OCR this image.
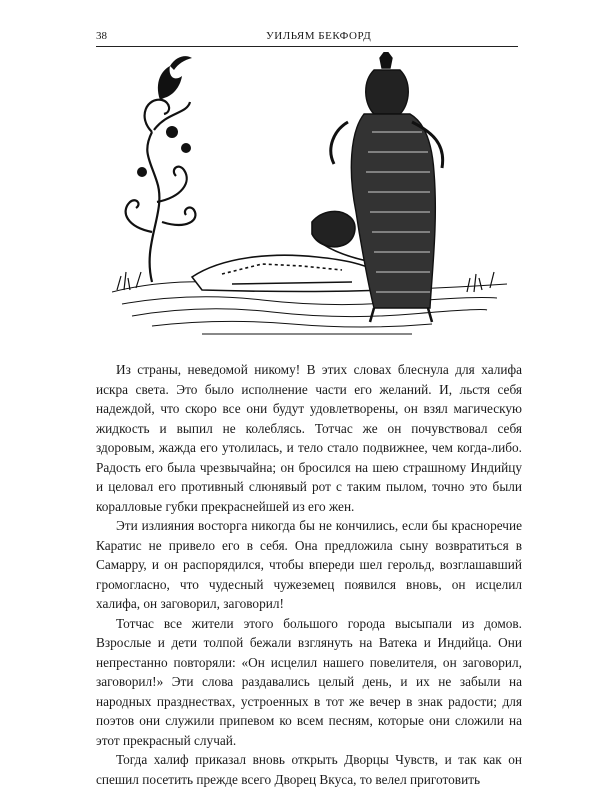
38	УИЛЬЯМ БЕКФОРД

Из страны, неведомой никому! В этих словах блеснула для халифа искра света. Это было исполнение части его желаний. И, льстя себя надеждой, что скоро все они будут удовлетворены, он взял магическую жидкость и выпил не колеблясь. Тотчас же он почувствовал себя здоровым, жажда его утолилась, и тело стало подвижнее, чем когда-либо. Радость его была чрезвычайна; он бросился на шею страшному Индийцу и целовал его противный слюнявый рот с таким пылом, точно это были коралловые губки прекраснейшей из его жен.

Эти излияния восторга никогда бы не кончились, если бы красноречие Каратис не привело его в себя. Она предложила сыну возвратиться в Самарру, и он распорядился, чтобы впереди шел герольд, возглашавший громогласно, что чудесный чужеземец появился вновь, он исцелил халифа, он заговорил, заговорил!

Тотчас все жители этого большого города высыпали из домов. Взрослые и дети толпой бежали взглянуть на Ватека и Индийца. Они непрестанно повторяли: «Он исцелил нашего повелителя, он заговорил, заговорил!» Эти слова раздавались целый день, и их не забыли на народных празднествах, устроенных в тот же вечер в знак радости; для поэтов они служили припевом ко всем песням, которые они сложили на этот прекрасный случай.

Тогда халиф приказал вновь открыть Дворцы Чувств, и так как он спешил посетить прежде всего Дворец Вкуса, то велел приготовить
